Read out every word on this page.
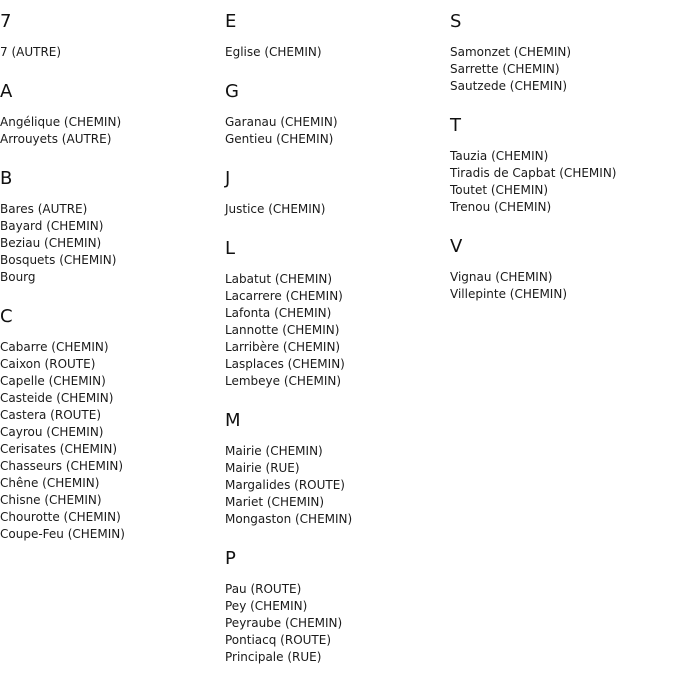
7
7 (AUTRE)
A
Angélique (CHEMIN)
Arrouyets (AUTRE)
B
Bares (AUTRE)
Bayard (CHEMIN)
Beziau (CHEMIN)
Bosquets (CHEMIN)
Bourg
C
Cabarre (CHEMIN)
Caixon (ROUTE)
Capelle (CHEMIN)
Casteide (CHEMIN)
Castera (ROUTE)
Cayrou (CHEMIN)
Cerisates (CHEMIN)
Chasseurs (CHEMIN)
Chêne (CHEMIN)
Chisne (CHEMIN)
Chourotte (CHEMIN)
Coupe-Feu (CHEMIN)
E
Eglise (CHEMIN)
G
Garanau (CHEMIN)
Gentieu (CHEMIN)
J
Justice (CHEMIN)
L
Labatut (CHEMIN)
Lacarrere (CHEMIN)
Lafonta (CHEMIN)
Lannotte (CHEMIN)
Larribère (CHEMIN)
Lasplaces (CHEMIN)
Lembeye (CHEMIN)
M
Mairie (CHEMIN)
Mairie (RUE)
Margalides (ROUTE)
Mariet (CHEMIN)
Mongaston (CHEMIN)
P
Pau (ROUTE)
Pey (CHEMIN)
Peyraube (CHEMIN)
Pontiacq (ROUTE)
Principale (RUE)
S
Samonzet (CHEMIN)
Sarrette (CHEMIN)
Sautzede (CHEMIN)
T
Tauzia (CHEMIN)
Tiradis de Capbat (CHEMIN)
Toutet (CHEMIN)
Trenou (CHEMIN)
V
Vignau (CHEMIN)
Villepinte (CHEMIN)
